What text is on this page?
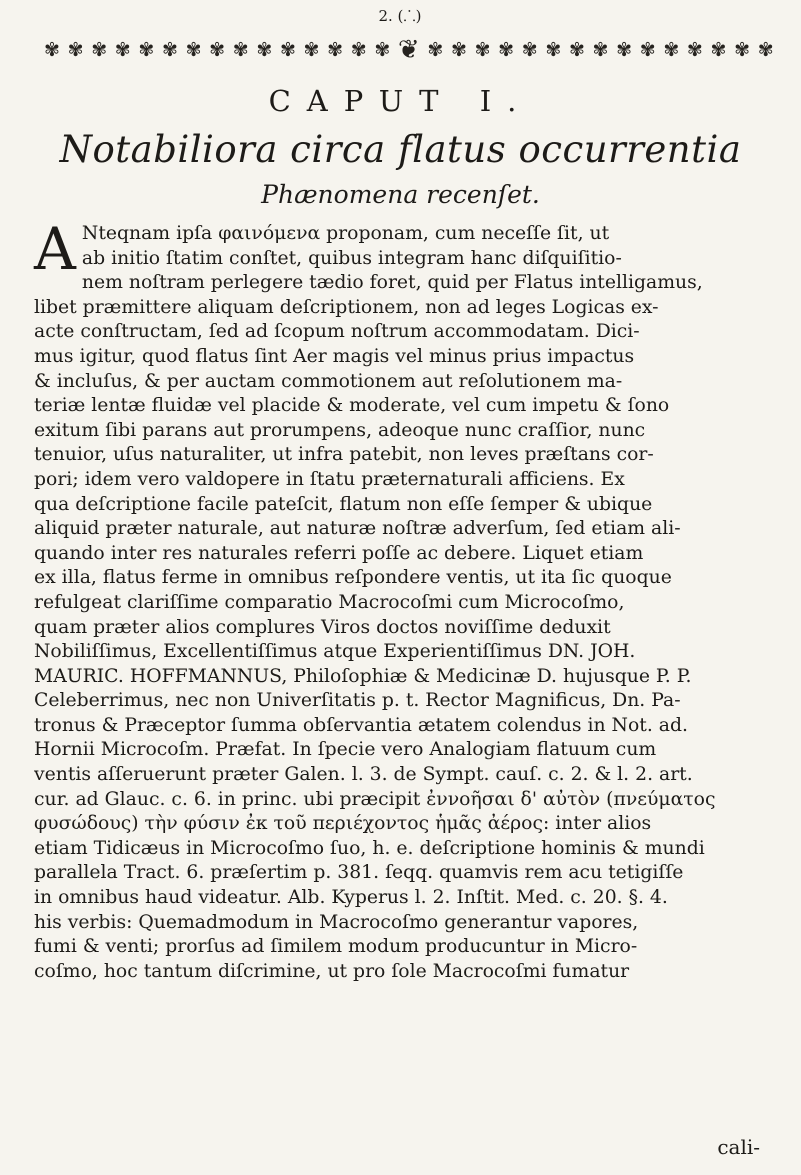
2. (⸫)
✾ ✾ ✾ ✾ ✾ ✾ ✾ ✾ ✾ ✾ ✾ ✾ ✾ ✾ ✾ ❦ ✾ ✾ ✾ ✾ ✾ ✾ ✾ ✾ ✾ ✾ ✾ ✾ ✾ ✾ ✾
CAPUT I.
Notabiliora circa flatus occurrentia
Phænomena recenſet.
A Nteqnam ipſa φαινόμενα proponam, cum neceſſe ſit, ut
ab initio ſtatim conſtet, quibus integram hanc diſquiſitio-
nem noſtram perlegere tædio foret, quid per Flatus intelligamus,
libet præmittere aliquam deſcriptionem, non ad leges Logicas ex-
acte conſtructam, ſed ad ſcopum noſtrum accommodatam. Dici-
mus igitur, quod flatus ſint Aer magis vel minus prius impactus
& incluſus, & per auctam commotionem aut reſolutionem ma-
teriæ lentæ fluidæ vel placide & moderate, vel cum impetu & ſono
exitum ſibi parans aut prorumpens, adeoque nunc craſſior, nunc
tenuior, uſus naturaliter, ut infra patebit, non leves præſtans cor-
pori; idem vero valdopere in ſtatu præternaturali afficiens. Ex
qua deſcriptione facile pateſcit, flatum non eſſe ſemper & ubique
aliquid præter naturale, aut naturæ noſtræ adverſum, ſed etiam ali-
quando inter res naturales referri poſſe ac debere. Liquet etiam
ex illa, flatus ferme in omnibus reſpondere ventis, ut ita ſic quoque
refulgeat clariſſime comparatio Macrocoſmi cum Microcoſmo,
quam præter alios complures Viros doctos noviſſime deduxit
Nobiliſſimus, Excellentiſſimus atque Experientiſſimus DN. JOH.
MAURIC. HOFFMANNUS, Philoſophiæ & Medicinæ D. hujusque P. P.
Celeberrimus, nec non Univerſitatis p. t. Rector Magnificus, Dn. Pa-
tronus & Præceptor ſumma obſervantia ætatem colendus in Not. ad.
Hornii Microcoſm. Præfat. In ſpecie vero Analogiam flatuum cum
ventis aſſeruerunt præter Galen. l. 3. de Sympt. cauſ. c. 2. & l. 2. art.
cur. ad Glauc. c. 6. in princ. ubi præcipit ἐννοῆσαι δ' αὐτὸν (πνεύματος
φυσώδους) τὴν φύσιν ἐκ τοῦ περιέχοντος ἡμᾶς ἀέρος: inter alios
etiam Tidicæus in Microcoſmo ſuo, h. e. deſcriptione hominis & mundi
parallela Tract. 6. præſertim p. 381. ſeqq. quamvis rem acu tetigiſſe
in omnibus haud videatur. Alb. Kyperus l. 2. Inſtit. Med. c. 20. §. 4.
his verbis: Quemadmodum in Macrocoſmo generantur vapores,
fumi & venti; prorſus ad ſimilem modum producuntur in Micro-
coſmo, hoc tantum diſcrimine, ut pro ſole Macrocoſmi fumatur
cali-
